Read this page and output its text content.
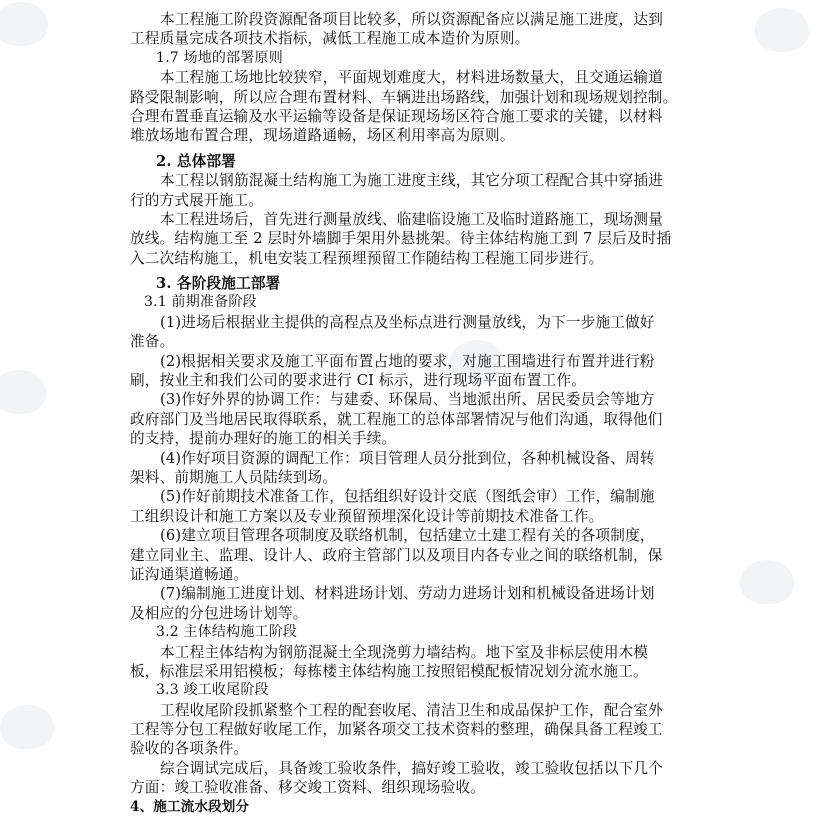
本工程施工阶段资源配备项目比较多，所以资源配备应以满足施工进度，达到
工程质量完成各项技术指标，减低工程施工成本造价为原则。
1.7 场地的部署原则
本工程施工场地比较狭窄，平面规划难度大，材料进场数量大，且交通运输道
路受限制影响，所以应合理布置材料、车辆进出场路线，加强计划和现场规划控制。
合理布置垂直运输及水平运输等设备是保证现场场区符合施工要求的关键，以材料
堆放场地布置合理，现场道路通畅，场区利用率高为原则。
2. 总体部署
本工程以钢筋混凝土结构施工为施工进度主线，其它分项工程配合其中穿插进
行的方式展开施工。
本工程进场后，首先进行测量放线、临建临设施工及临时道路施工，现场测量
放线。结构施工至 2 层时外墙脚手架用外悬挑架。待主体结构施工到 7 层后及时插
入二次结构施工，机电安装工程预埋预留工作随结构工程施工同步进行。
3. 各阶段施工部署
3.1 前期准备阶段
(1)进场后根据业主提供的高程点及坐标点进行测量放线，为下一步施工做好
准备。
(2)根据相关要求及施工平面布置占地的要求，对施工围墙进行布置并进行粉
刷，按业主和我们公司的要求进行 CI 标示，进行现场平面布置工作。
(3)作好外界的协调工作：与建委、环保局、当地派出所、居民委员会等地方
政府部门及当地居民取得联系，就工程施工的总体部署情况与他们沟通，取得他们
的支持，提前办理好的施工的相关手续。
(4)作好项目资源的调配工作：项目管理人员分批到位，各种机械设备、周转
架料、前期施工人员陆续到场。
(5)作好前期技术准备工作，包括组织好设计交底（图纸会审）工作，编制施
工组织设计和施工方案以及专业预留预埋深化设计等前期技术准备工作。
(6)建立项目管理各项制度及联络机制，包括建立土建工程有关的各项制度，
建立同业主、监理、设计人、政府主管部门以及项目内各专业之间的联络机制，保
证沟通渠道畅通。
(7)编制施工进度计划、材料进场计划、劳动力进场计划和机械设备进场计划
及相应的分包进场计划等。
3.2 主体结构施工阶段
本工程主体结构为钢筋混凝土全现浇剪力墙结构。地下室及非标层使用木模
板，标准层采用铝模板；每栋楼主体结构施工按照铝模配板情况划分流水施工。
3.3 竣工收尾阶段
工程收尾阶段抓紧整个工程的配套收尾、清洁卫生和成品保护工作，配合室外
工程等分包工程做好收尾工作，加紧各项交工技术资料的整理，确保具备工程竣工
验收的各项条件。
综合调试完成后，具备竣工验收条件，搞好竣工验收，竣工验收包括以下几个
方面：竣工验收准备、移交竣工资料、组织现场验收。
4、施工流水段划分
